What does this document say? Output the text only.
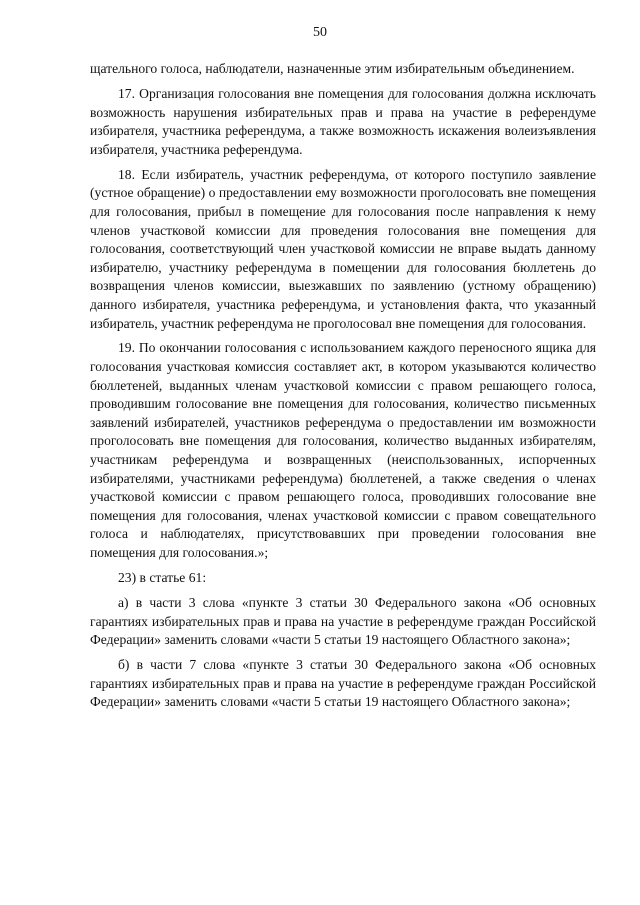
50

щательного голоса, наблюдатели, назначенные этим избирательным объединением.

17. Организация голосования вне помещения для голосования должна исключать возможность нарушения избирательных прав и права на участие в референдуме избирателя, участника референдума, а также возможность искажения волеизъявления избирателя, участника референдума.

18. Если избиратель, участник референдума, от которого поступило заявление (устное обращение) о предоставлении ему возможности проголосовать вне помещения для голосования, прибыл в помещение для голосования после направления к нему членов участковой комиссии для проведения голосования вне помещения для голосования, соответствующий член участковой комиссии не вправе выдать данному избирателю, участнику референдума в помещении для голосования бюллетень до возвращения членов комиссии, выезжавших по заявлению (устному обращению) данного избирателя, участника референдума, и установления факта, что указанный избиратель, участник референдума не проголосовал вне помещения для голосования.

19. По окончании голосования с использованием каждого переносного ящика для голосования участковая комиссия составляет акт, в котором указываются количество бюллетеней, выданных членам участковой комиссии с правом решающего голоса, проводившим голосование вне помещения для голосования, количество письменных заявлений избирателей, участников референдума о предоставлении им возможности проголосовать вне помещения для голосования, количество выданных избирателям, участникам референдума и возвращенных (неиспользованных, испорченных избирателями, участниками референдума) бюллетеней, а также сведения о членах участковой комиссии с правом решающего голоса, проводивших голосование вне помещения для голосования, членах участковой комиссии с правом совещательного голоса и наблюдателях, присутствовавших при проведении голосования вне помещения для голосования.»;

23) в статье 61:

а) в части 3 слова «пункте 3 статьи 30 Федерального закона «Об основных гарантиях избирательных прав и права на участие в референдуме граждан Российской Федерации» заменить словами «части 5 статьи 19 настоящего Областного закона»;

б) в части 7 слова «пункте 3 статьи 30 Федерального закона «Об основных гарантиях избирательных прав и права на участие в референдуме граждан Российской Федерации» заменить словами «части 5 статьи 19 настоящего Областного закона»;
